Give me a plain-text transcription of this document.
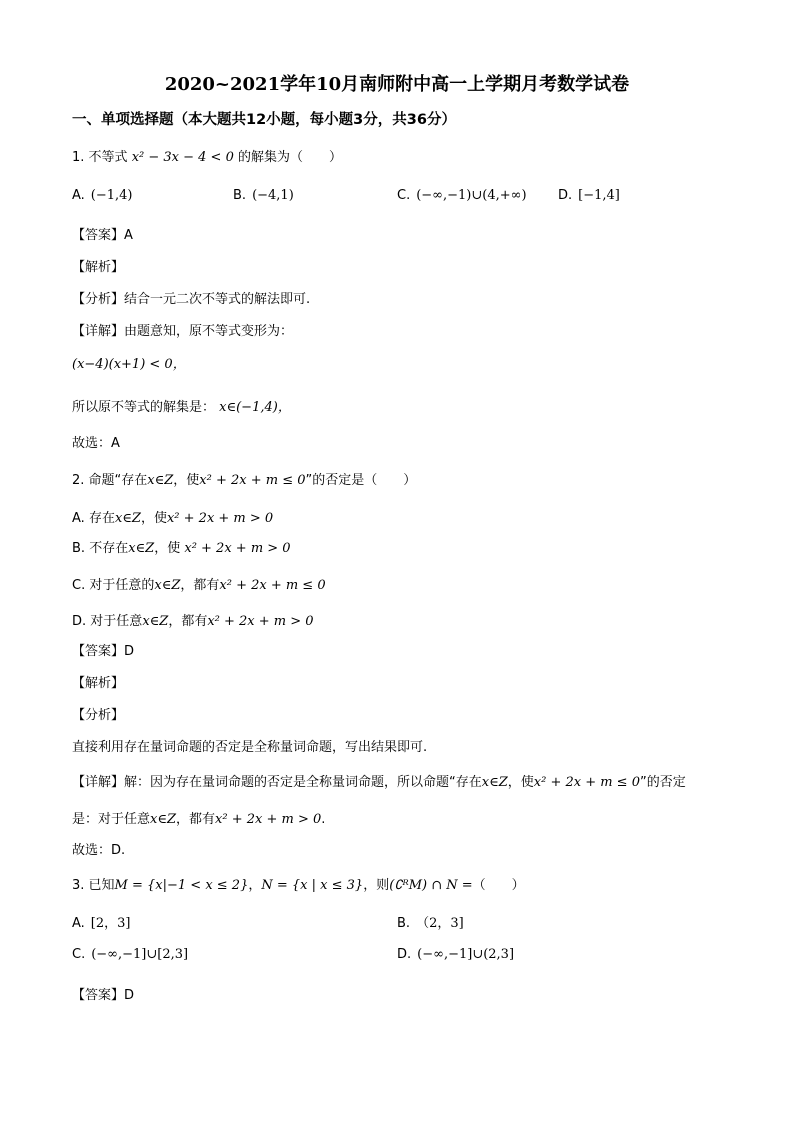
2020~2021学年10月南师附中高一上学期月考数学试卷
一、单项选择题（本大题共12小题，每小题3分，共36分）
1. 不等式 x² − 3x − 4 < 0 的解集为（　　）
A. (−1,4)	B. (−4,1)	C. (−∞,−1)∪(4,+∞) D. [−1,4]
【答案】A
【解析】
【分析】结合一元二次不等式的解法即可.
【详解】由题意知，原不等式变形为：
(x−4)(x+1) < 0，
所以原不等式的解集是： x∈(−1,4)，
故选：A
2. 命题“存在x∈Z，使x² + 2x + m ≤ 0”的否定是（　　）
A. 存在x∈Z，使x² + 2x + m > 0
B. 不存在x∈Z，使 x² + 2x + m > 0
C. 对于任意的x∈Z，都有x² + 2x + m ≤ 0
D. 对于任意x∈Z，都有x² + 2x + m > 0
【答案】D
【解析】
【分析】
直接利用存在量词命题的否定是全称量词命题，写出结果即可.
【详解】解：因为存在量词命题的否定是全称量词命题，所以命题“存在x∈Z，使x² + 2x + m ≤ 0”的否定
是：对于任意x∈Z，都有x² + 2x + m > 0.
故选：D.
3. 已知M = {x|−1 < x ≤ 2}，N = {x | x ≤ 3}，则(∁ᴿM) ∩ N =（　　）
A. [2，3]	B. （2，3]
C. (−∞,−1]∪[2,3]	D. (−∞,−1]∪(2,3]
【答案】D
